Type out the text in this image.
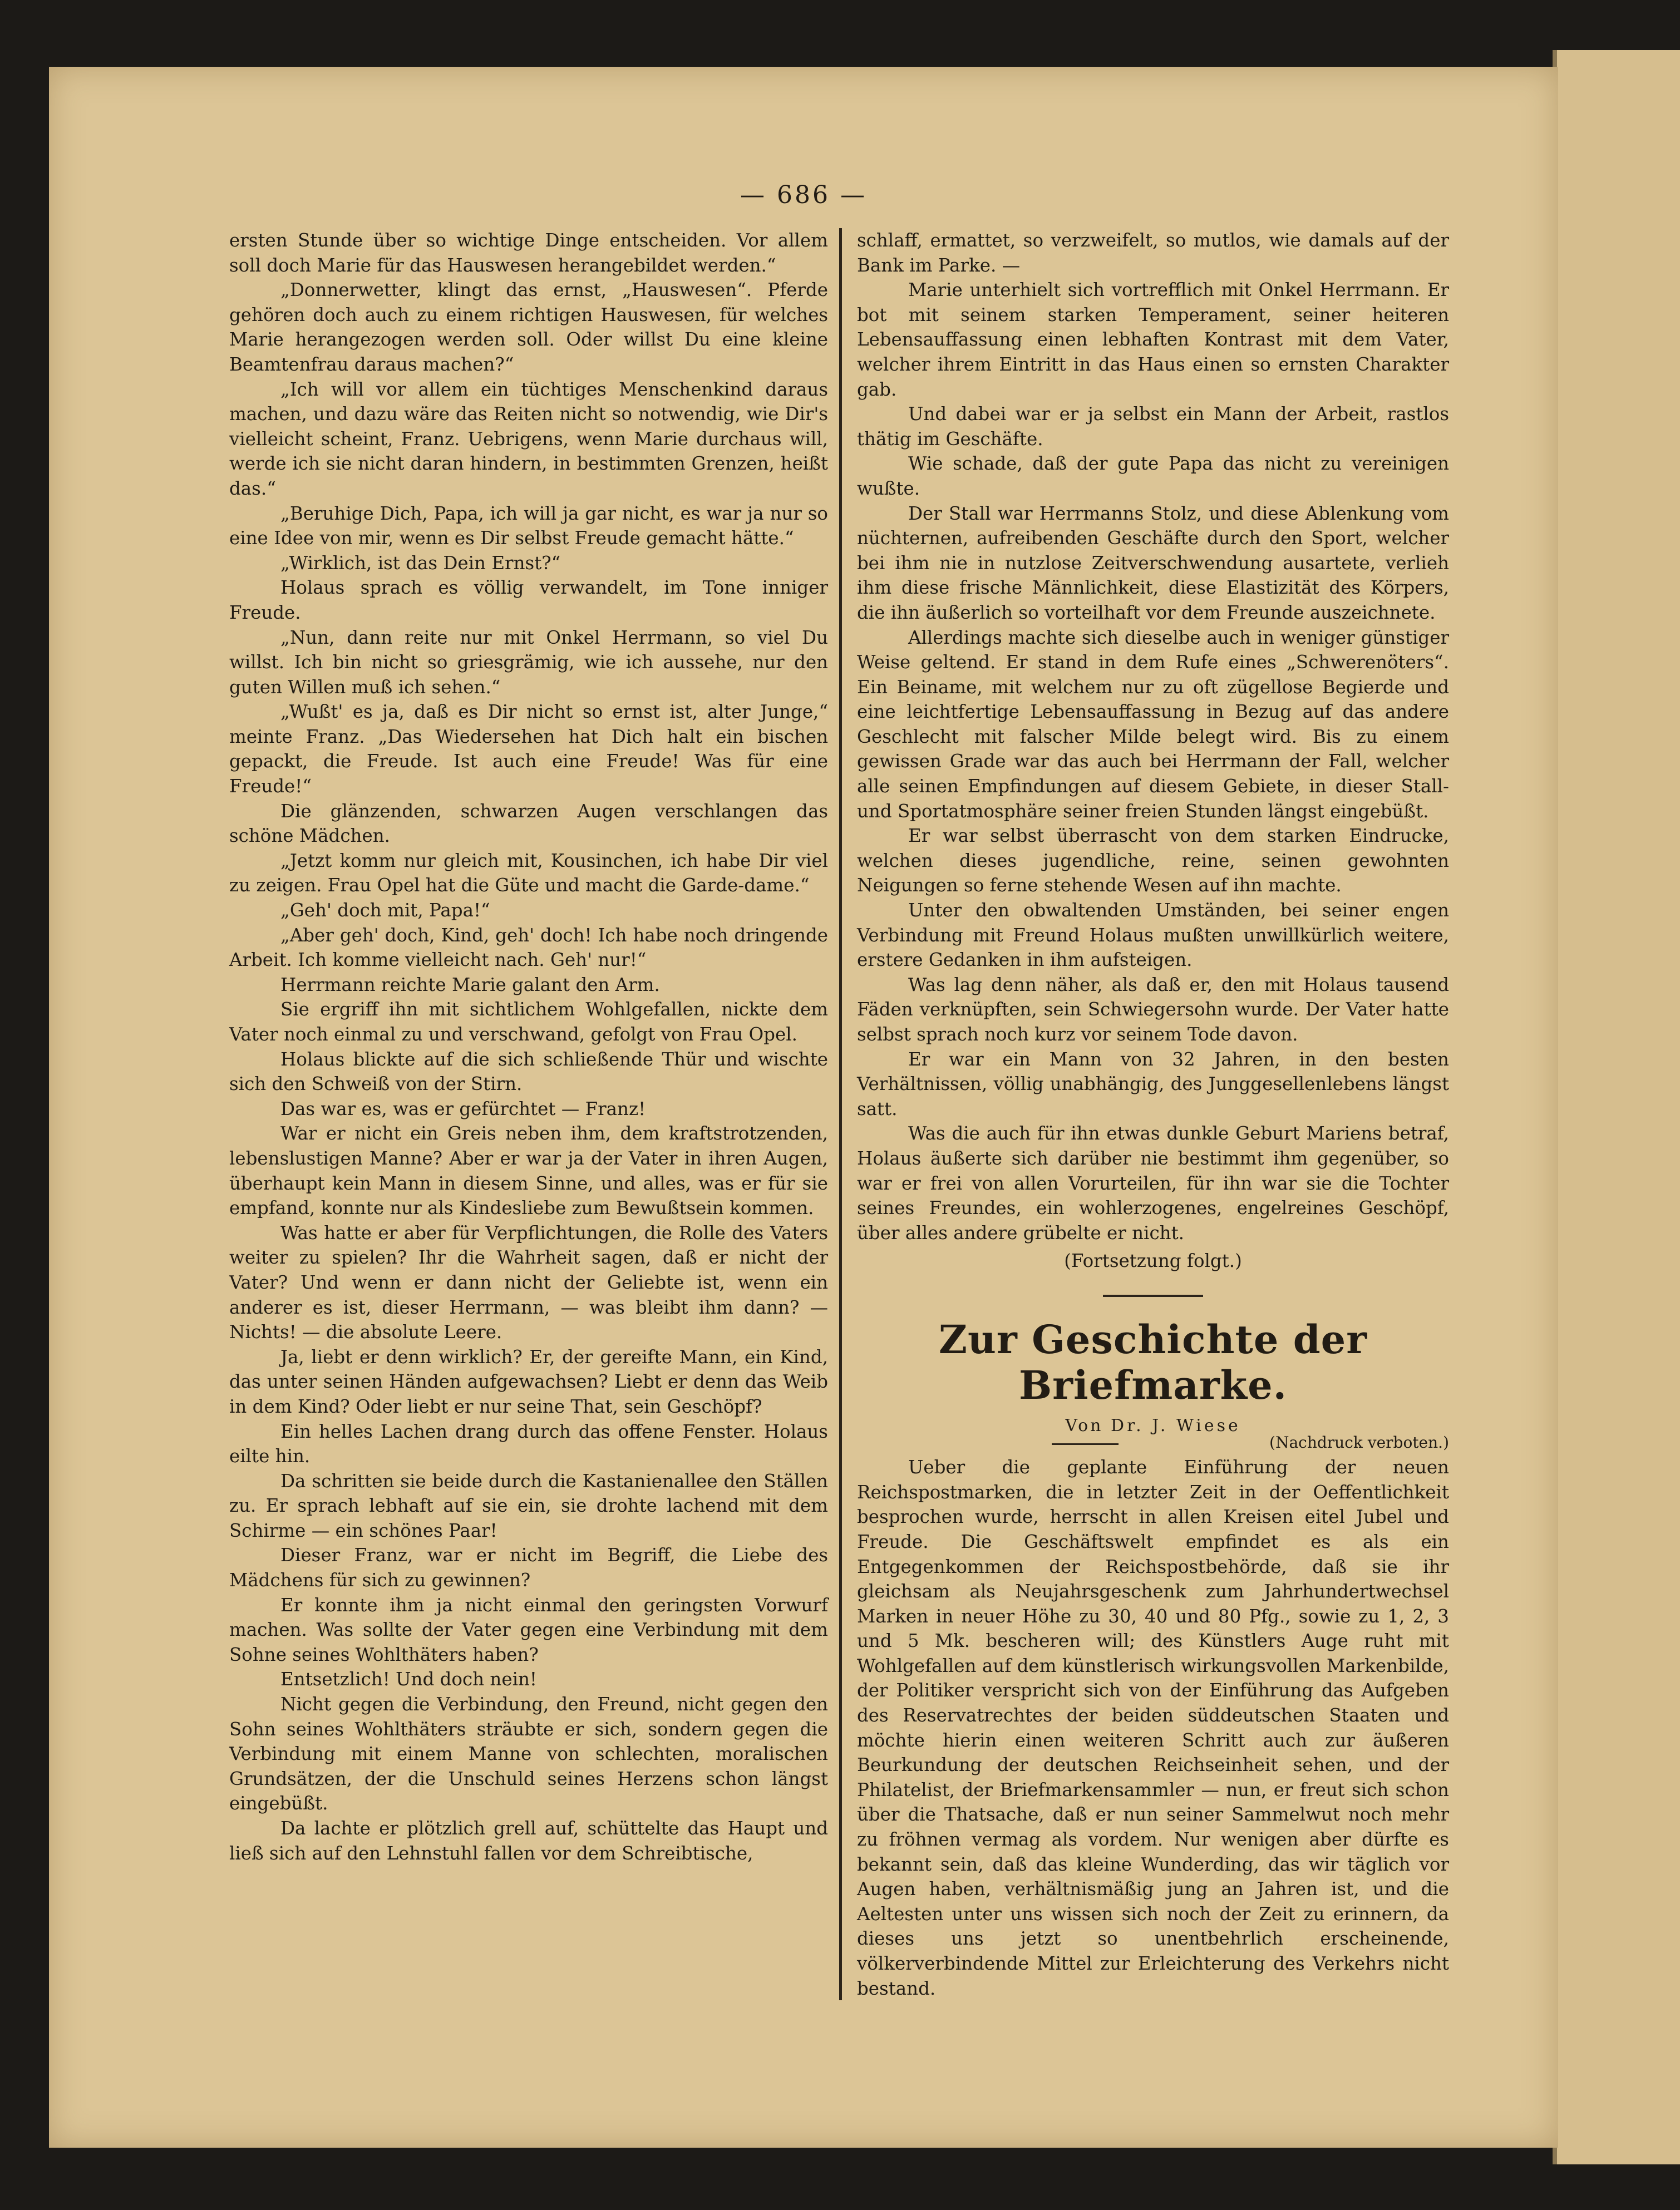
— 686 —

ersten Stunde über so wichtige Dinge entscheiden. Vor allem soll doch Marie für das Hauswesen herangebildet werden.“

„Donnerwetter, klingt das ernst, „Hauswesen“. Pferde gehören doch auch zu einem richtigen Hauswesen, für welches Marie herangezogen werden soll. Oder willst Du eine kleine Beamtenfrau daraus machen?“

„Ich will vor allem ein tüchtiges Menschenkind daraus machen, und dazu wäre das Reiten nicht so notwendig, wie Dir's vielleicht scheint, Franz. Uebrigens, wenn Marie durchaus will, werde ich sie nicht daran hindern, in bestimmten Grenzen, heißt das.“

„Beruhige Dich, Papa, ich will ja gar nicht, es war ja nur so eine Idee von mir, wenn es Dir selbst Freude gemacht hätte.“

„Wirklich, ist das Dein Ernst?“

Holaus sprach es völlig verwandelt, im Tone inniger Freude.

„Nun, dann reite nur mit Onkel Herrmann, so viel Du willst. Ich bin nicht so griesgrämig, wie ich aussehe, nur den guten Willen muß ich sehen.“

„Wußt' es ja, daß es Dir nicht so ernst ist, alter Junge,“ meinte Franz. „Das Wiedersehen hat Dich halt ein bischen gepackt, die Freude. Ist auch eine Freude! Was für eine Freude!“

Die glänzenden, schwarzen Augen verschlangen das schöne Mädchen.

„Jetzt komm nur gleich mit, Kousinchen, ich habe Dir viel zu zeigen. Frau Opel hat die Güte und macht die Garde-dame.“

„Geh' doch mit, Papa!“

„Aber geh' doch, Kind, geh' doch! Ich habe noch dringende Arbeit. Ich komme vielleicht nach. Geh' nur!“

Herrmann reichte Marie galant den Arm.

Sie ergriff ihn mit sichtlichem Wohlgefallen, nickte dem Vater noch einmal zu und verschwand, gefolgt von Frau Opel.

Holaus blickte auf die sich schließende Thür und wischte sich den Schweiß von der Stirn.

Das war es, was er gefürchtet — Franz!

War er nicht ein Greis neben ihm, dem kraftstrotzenden, lebenslustigen Manne? Aber er war ja der Vater in ihren Augen, überhaupt kein Mann in diesem Sinne, und alles, was er für sie empfand, konnte nur als Kindesliebe zum Bewußtsein kommen.

Was hatte er aber für Verpflichtungen, die Rolle des Vaters weiter zu spielen? Ihr die Wahrheit sagen, daß er nicht der Vater? Und wenn er dann nicht der Geliebte ist, wenn ein anderer es ist, dieser Herrmann, — was bleibt ihm dann? — Nichts! — die absolute Leere.

Ja, liebt er denn wirklich? Er, der gereifte Mann, ein Kind, das unter seinen Händen aufgewachsen? Liebt er denn das Weib in dem Kind? Oder liebt er nur seine That, sein Geschöpf?

Ein helles Lachen drang durch das offene Fenster. Holaus eilte hin.

Da schritten sie beide durch die Kastanienallee den Ställen zu. Er sprach lebhaft auf sie ein, sie drohte lachend mit dem Schirme — ein schönes Paar!

Dieser Franz, war er nicht im Begriff, die Liebe des Mädchens für sich zu gewinnen?

Er konnte ihm ja nicht einmal den geringsten Vorwurf machen. Was sollte der Vater gegen eine Verbindung mit dem Sohne seines Wohlthäters haben?

Entsetzlich! Und doch nein!

Nicht gegen die Verbindung, den Freund, nicht gegen den Sohn seines Wohlthäters sträubte er sich, sondern gegen die Verbindung mit einem Manne von schlechten, moralischen Grundsätzen, der die Unschuld seines Herzens schon längst eingebüßt.

Da lachte er plötzlich grell auf, schüttelte das Haupt und ließ sich auf den Lehnstuhl fallen vor dem Schreibtische,

schlaff, ermattet, so verzweifelt, so mutlos, wie damals auf der Bank im Parke. —

Marie unterhielt sich vortrefflich mit Onkel Herrmann. Er bot mit seinem starken Temperament, seiner heiteren Lebensauffassung einen lebhaften Kontrast mit dem Vater, welcher ihrem Eintritt in das Haus einen so ernsten Charakter gab.

Und dabei war er ja selbst ein Mann der Arbeit, rastlos thätig im Geschäfte.

Wie schade, daß der gute Papa das nicht zu vereinigen wußte.

Der Stall war Herrmanns Stolz, und diese Ablenkung vom nüchternen, aufreibenden Geschäfte durch den Sport, welcher bei ihm nie in nutzlose Zeitverschwendung ausartete, verlieh ihm diese frische Männlichkeit, diese Elastizität des Körpers, die ihn äußerlich so vorteilhaft vor dem Freunde auszeichnete.

Allerdings machte sich dieselbe auch in weniger günstiger Weise geltend. Er stand in dem Rufe eines „Schwerenöters“. Ein Beiname, mit welchem nur zu oft zügellose Begierde und eine leichtfertige Lebensauffassung in Bezug auf das andere Geschlecht mit falscher Milde belegt wird. Bis zu einem gewissen Grade war das auch bei Herrmann der Fall, welcher alle seinen Empfindungen auf diesem Gebiete, in dieser Stall- und Sportatmosphäre seiner freien Stunden längst eingebüßt.

Er war selbst überrascht von dem starken Eindrucke, welchen dieses jugendliche, reine, seinen gewohnten Neigungen so ferne stehende Wesen auf ihn machte.

Unter den obwaltenden Umständen, bei seiner engen Verbindung mit Freund Holaus mußten unwillkürlich weitere, erstere Gedanken in ihm aufsteigen.

Was lag denn näher, als daß er, den mit Holaus tausend Fäden verknüpften, sein Schwiegersohn wurde. Der Vater hatte selbst sprach noch kurz vor seinem Tode davon.

Er war ein Mann von 32 Jahren, in den besten Verhältnissen, völlig unabhängig, des Junggesellenlebens längst satt.

Was die auch für ihn etwas dunkle Geburt Mariens betraf, Holaus äußerte sich darüber nie bestimmt ihm gegenüber, so war er frei von allen Vorurteilen, für ihn war sie die Tochter seines Freundes, ein wohlerzogenes, engelreines Geschöpf, über alles andere grübelte er nicht.

(Fortsetzung folgt.)

Zur Geschichte der Briefmarke.

Von Dr. J. Wiese

(Nachdruck verboten.)

Ueber die geplante Einführung der neuen Reichspostmarken, die in letzter Zeit in der Oeffentlichkeit besprochen wurde, herrscht in allen Kreisen eitel Jubel und Freude. Die Geschäftswelt empfindet es als ein Entgegenkommen der Reichspostbehörde, daß sie ihr gleichsam als Neujahrsgeschenk zum Jahrhundertwechsel Marken in neuer Höhe zu 30, 40 und 80 Pfg., sowie zu 1, 2, 3 und 5 Mk. bescheren will; des Künstlers Auge ruht mit Wohlgefallen auf dem künstlerisch wirkungsvollen Markenbilde, der Politiker verspricht sich von der Einführung das Aufgeben des Reservatrechtes der beiden süddeutschen Staaten und möchte hierin einen weiteren Schritt auch zur äußeren Beurkundung der deutschen Reichseinheit sehen, und der Philatelist, der Briefmarkensammler — nun, er freut sich schon über die Thatsache, daß er nun seiner Sammelwut noch mehr zu fröhnen vermag als vordem. Nur wenigen aber dürfte es bekannt sein, daß das kleine Wunderding, das wir täglich vor Augen haben, verhältnismäßig jung an Jahren ist, und die Aeltesten unter uns wissen sich noch der Zeit zu erinnern, da dieses uns jetzt so unentbehrlich erscheinende, völkerverbindende Mittel zur Erleichterung des Verkehrs nicht bestand.
